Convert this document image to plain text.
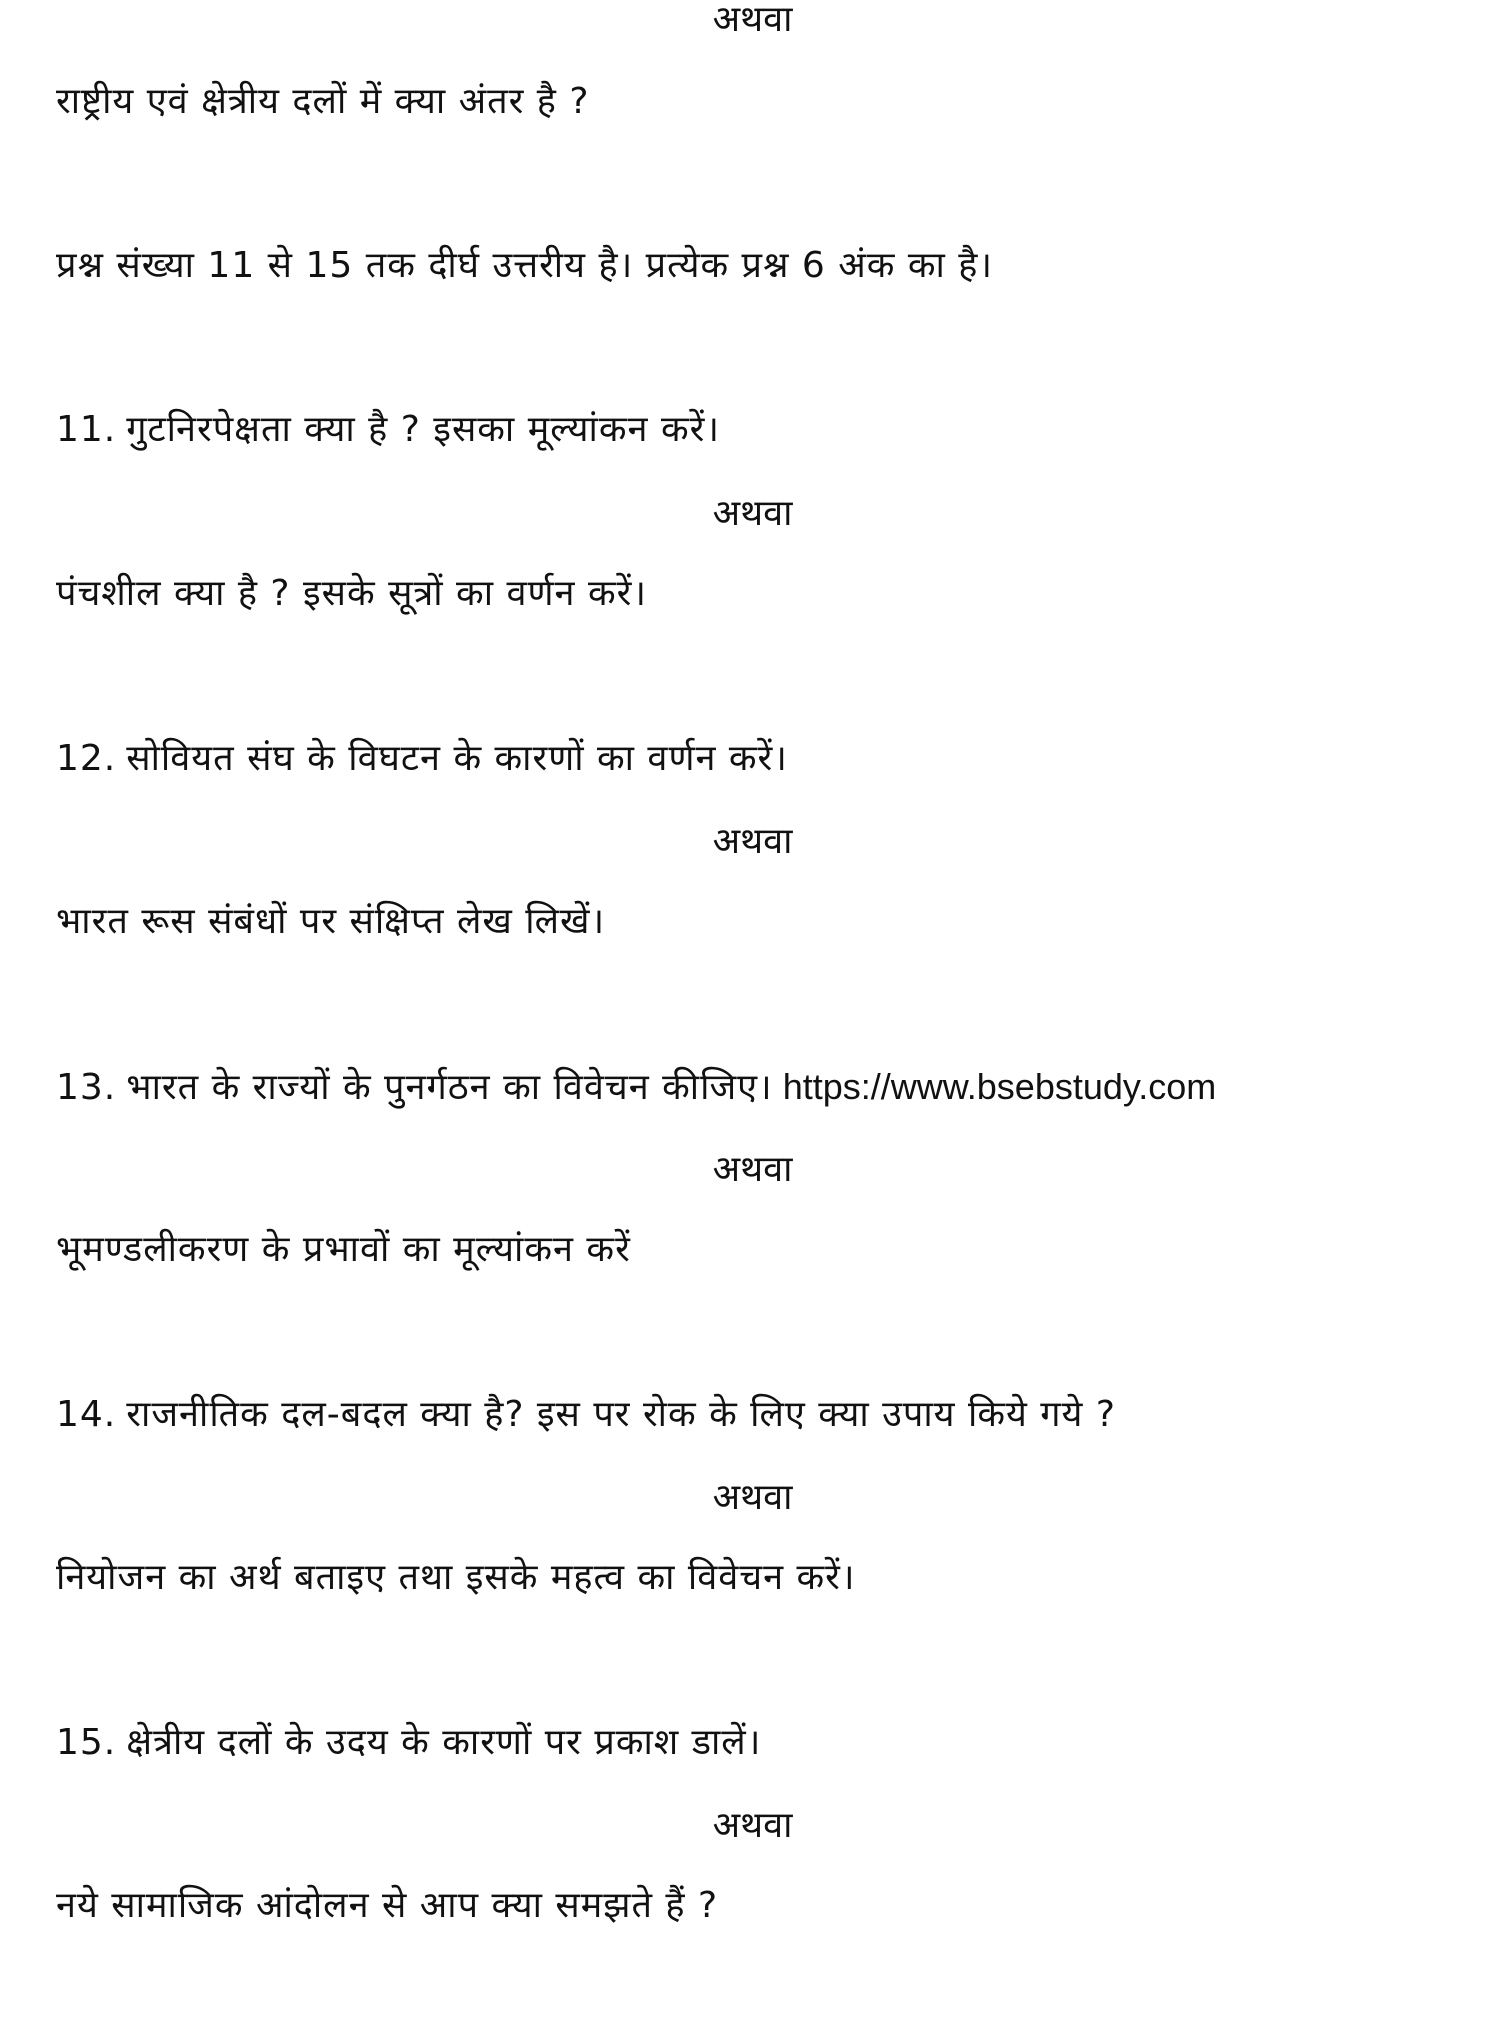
अथवा
राष्ट्रीय एवं क्षेत्रीय दलों में क्या अंतर है ?
प्रश्न संख्या 11 से 15 तक दीर्घ उत्तरीय है। प्रत्येक प्रश्न 6 अंक का है।
11. गुटनिरपेक्षता क्या है ? इसका मूल्यांकन करें।
अथवा
पंचशील क्या है ? इसके सूत्रों का वर्णन करें।
12. सोवियत संघ के विघटन के कारणों का वर्णन करें।
अथवा
भारत रूस संबंधों पर संक्षिप्त लेख लिखें।
13. भारत के राज्यों के पुनर्गठन का विवेचन कीजिए। https://www.bsebstudy.com
अथवा
भूमण्डलीकरण के प्रभावों का मूल्यांकन करें
14. राजनीतिक दल-बदल क्या है? इस पर रोक के लिए क्या उपाय किये गये ?
अथवा
नियोजन का अर्थ बताइए तथा इसके महत्व का विवेचन करें।
15. क्षेत्रीय दलों के उदय के कारणों पर प्रकाश डालें।
अथवा
नये सामाजिक आंदोलन से आप क्या समझते हैं ?
